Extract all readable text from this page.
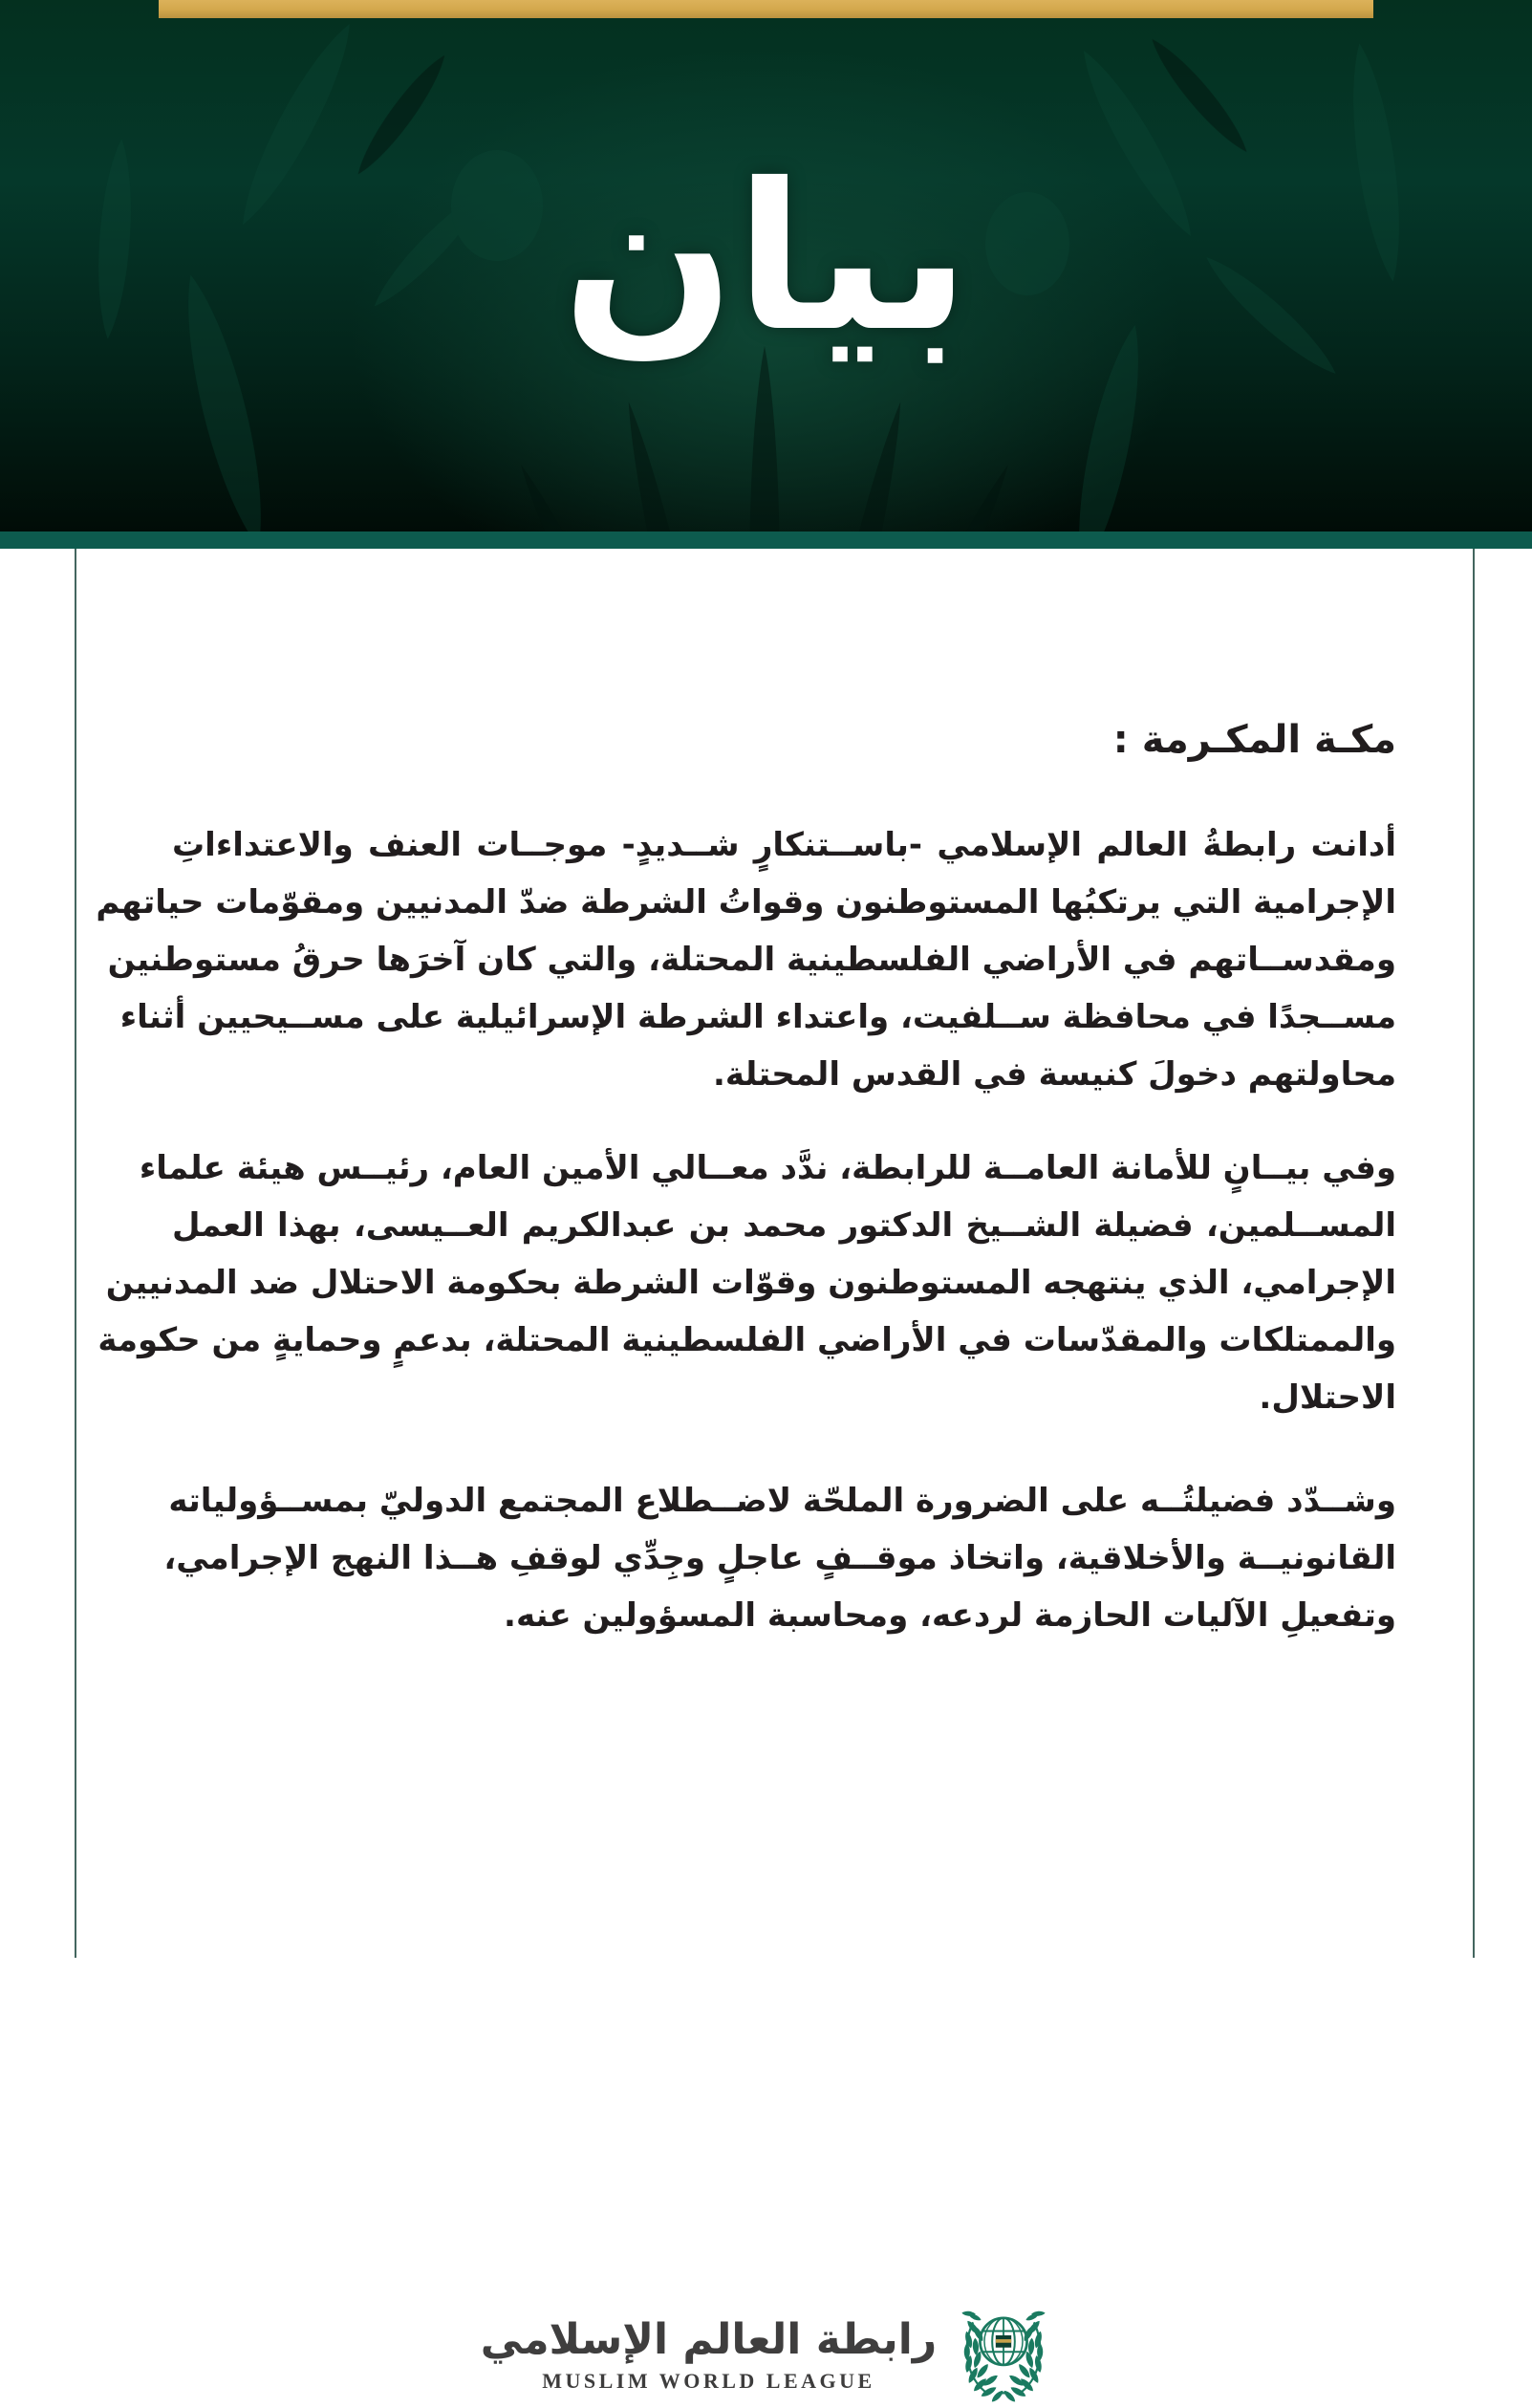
بيان
مكـة المكـرمة :
أدانت رابطةُ العالم الإسلامي -باســتنكارٍ شــديدٍ- موجــات العنف والاعتداءاتِ
الإجرامية التي يرتكبُها المستوطنون وقواتُ الشرطة ضدّ المدنيين ومقوّمات حياتهم
ومقدســاتهم في الأراضي الفلسطينية المحتلة، والتي كان آخرَها حرقُ مستوطنين
مســجدًا في محافظة ســلفيت، واعتداء الشرطة الإسرائيلية على مســيحيين أثناء
محاولتهم دخولَ كنيسة في القدس المحتلة.
وفي بيــانٍ للأمانة العامــة للرابطة، ندَّد معــالي الأمين العام، رئيــس هيئة علماء
المســلمين، فضيلة الشــيخ الدكتور محمد بن عبدالكريم العــيسى، بهذا العمل
الإجرامي، الذي ينتهجه المستوطنون وقوّات الشرطة بحكومة الاحتلال ضد المدنيين
والممتلكات والمقدّسات في الأراضي الفلسطينية المحتلة، بدعمٍ وحمايةٍ من حكومة
الاحتلال.
وشــدّد فضيلتُــه على الضرورة الملحّة لاضــطلاع المجتمع الدوليّ بمســؤولياته
القانونيــة والأخلاقية، واتخاذ موقــفٍ عاجلٍ وجِدِّي لوقفِ هــذا النهج الإجرامي،
وتفعيلِ الآليات الحازمة لردعه، ومحاسبة المسؤولين عنه.
رابطة العالم الإسلامي
MUSLIM WORLD LEAGUE
